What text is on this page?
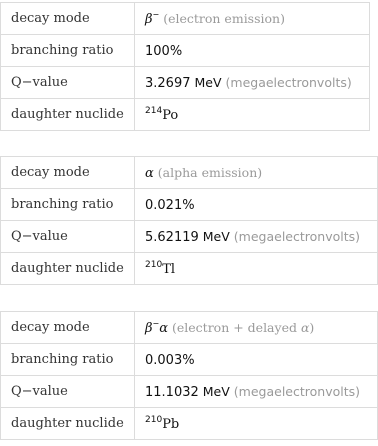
decay mode	β− (electron emission)
branching ratio	100%
Q−value	3.2697 MeV (megaelectronvolts)
daughter nuclide	$^{214}$Po
decay mode	α (alpha emission)
branching ratio	0.021%
Q−value	5.62119 MeV (megaelectronvolts)
daughter nuclide	$^{210}$Tl
decay mode	β−α (electron + delayed α)
branching ratio	0.003%
Q−value	11.1032 MeV (megaelectronvolts)
daughter nuclide	$^{210}$Pb
